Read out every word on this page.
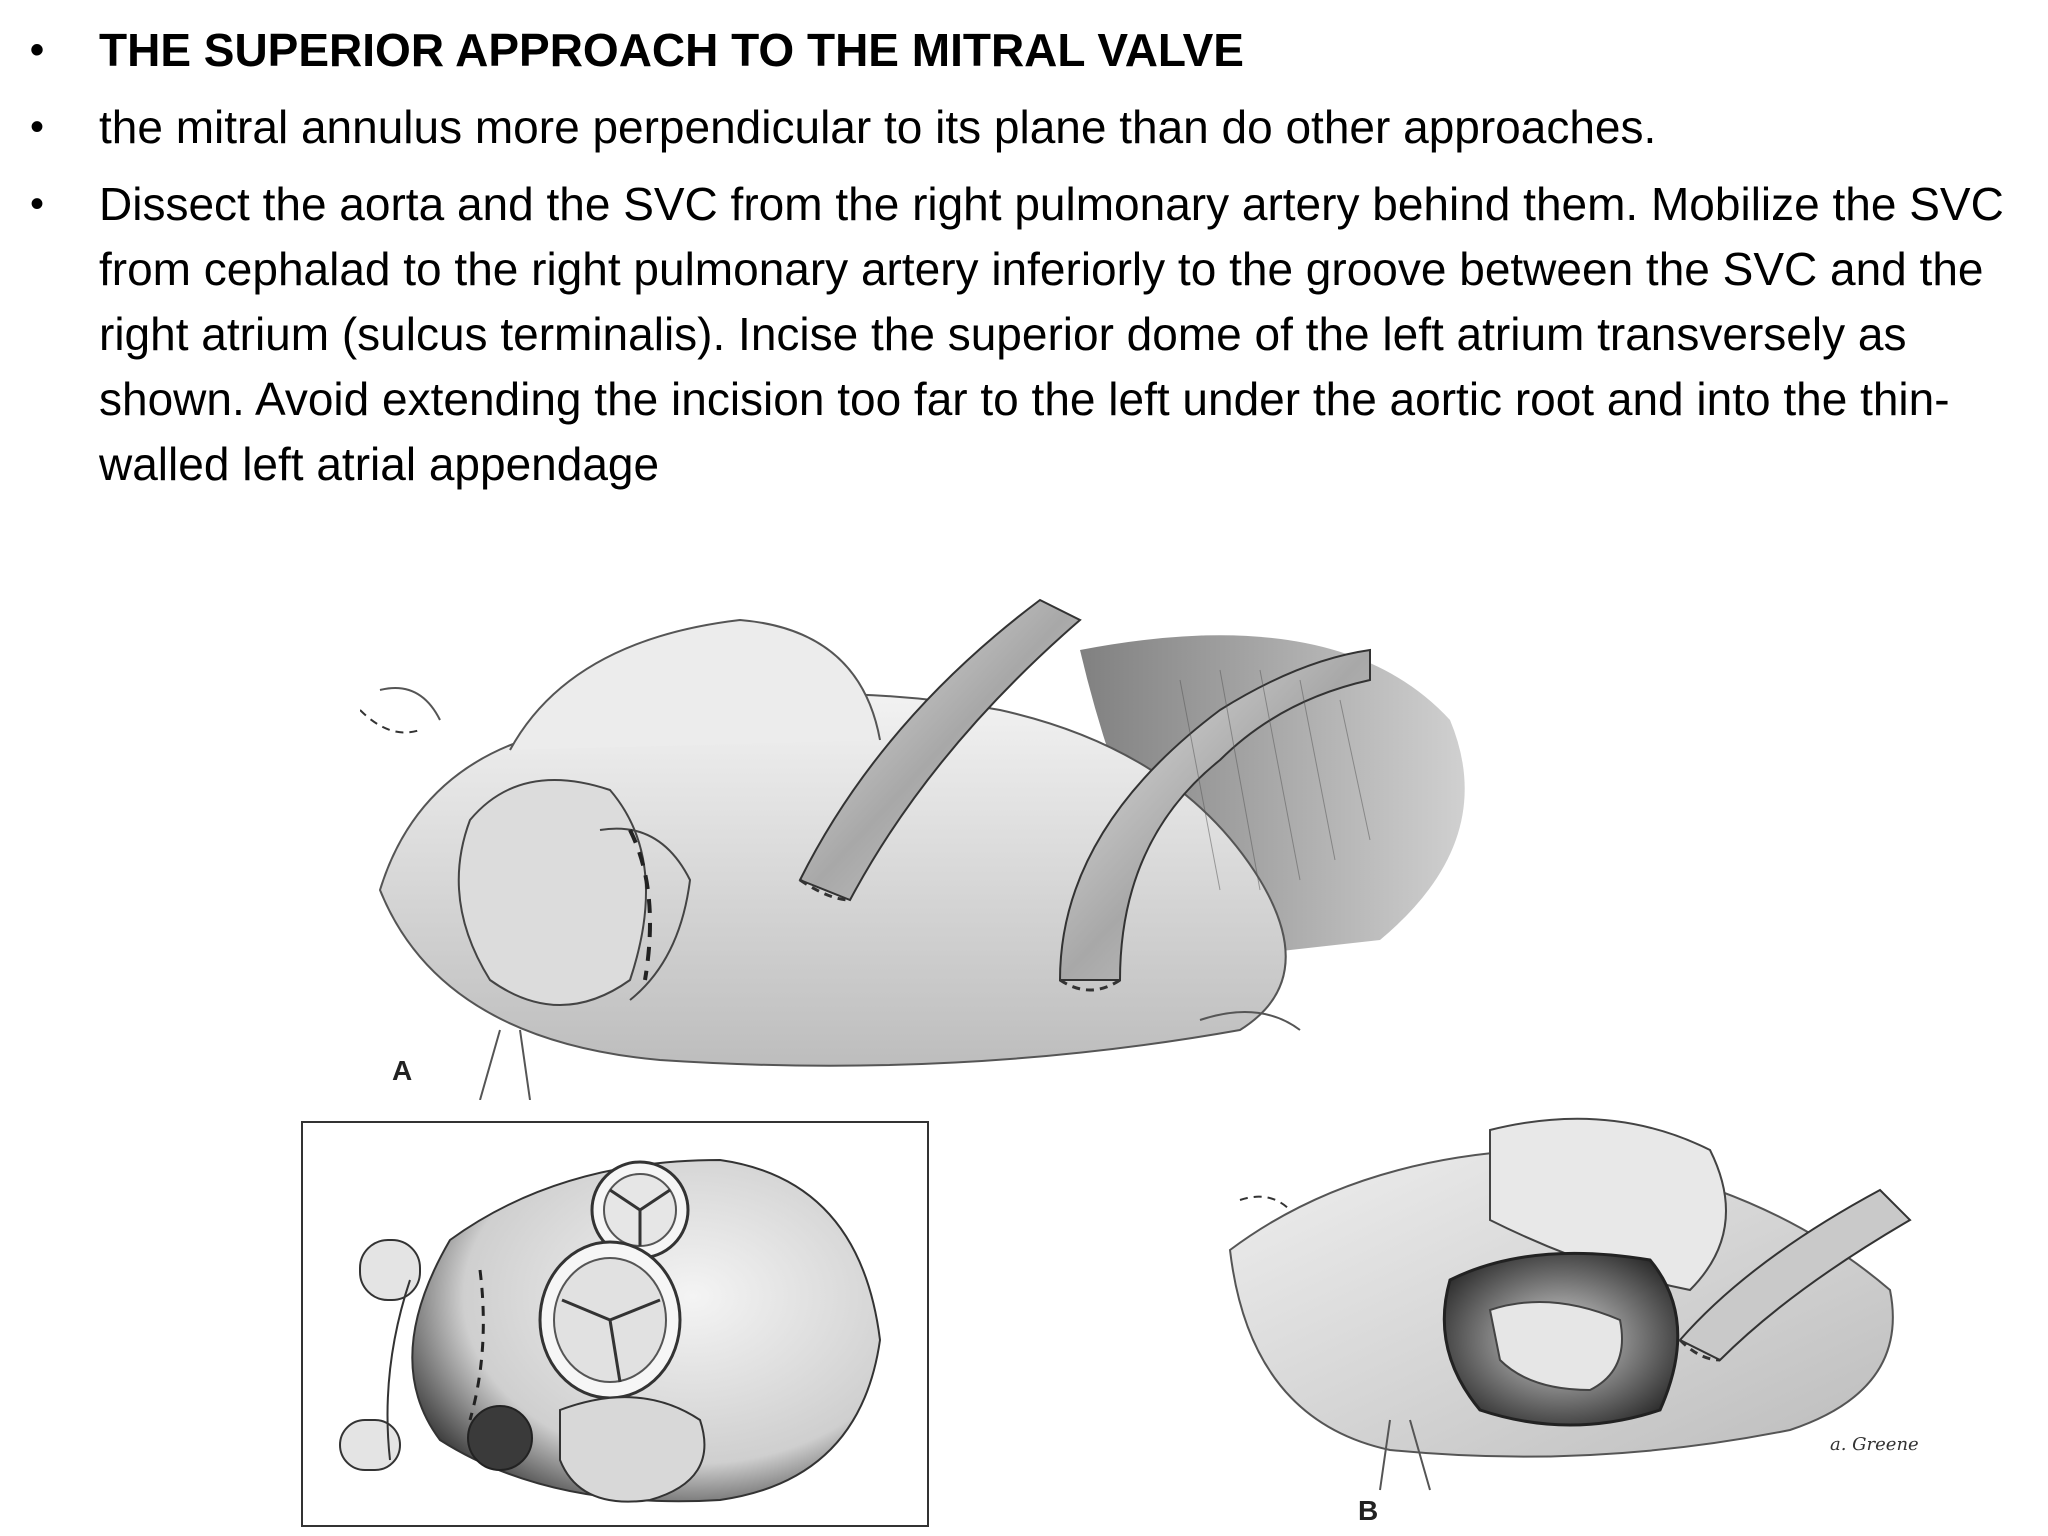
• THE SUPERIOR APPROACH TO THE MITRAL VALVE
• the mitral annulus more perpendicular to its plane than do other approaches.
• Dissect the aorta and the SVC from the right pulmonary artery behind them. Mobilize the SVC from cephalad to the right pulmonary artery inferiorly to the groove between the SVC and the right atrium (sulcus terminalis). Incise the superior dome of the left atrium transversely as shown. Avoid extending the incision too far to the left under the aortic root and into the thin-walled left atrial appendage
A
a. Greene
B
